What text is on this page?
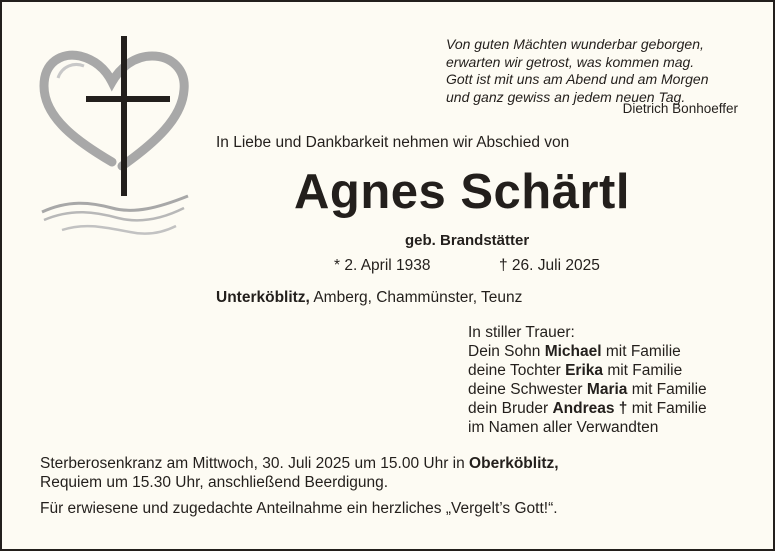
Von guten Mächten wunderbar geborgen,
erwarten wir getrost, was kommen mag.
Gott ist mit uns am Abend und am Morgen
und ganz gewiss an jedem neuen Tag.
Dietrich Bonhoeffer
In Liebe und Dankbarkeit nehmen wir Abschied von
Agnes Schärtl
geb. Brandstätter
* 2. April 1938	† 26. Juli 2025
Unterköblitz, Amberg, Chammünster, Teunz
In stiller Trauer:
Dein Sohn Michael mit Familie
deine Tochter Erika mit Familie
deine Schwester Maria mit Familie
dein Bruder Andreas † mit Familie
im Namen aller Verwandten
Sterberosenkranz am Mittwoch, 30. Juli 2025 um 15.00 Uhr in Oberköblitz,
Requiem um 15.30 Uhr, anschließend Beerdigung.
Für erwiesene und zugedachte Anteilnahme ein herzliches „Vergelt’s Gott!“.
